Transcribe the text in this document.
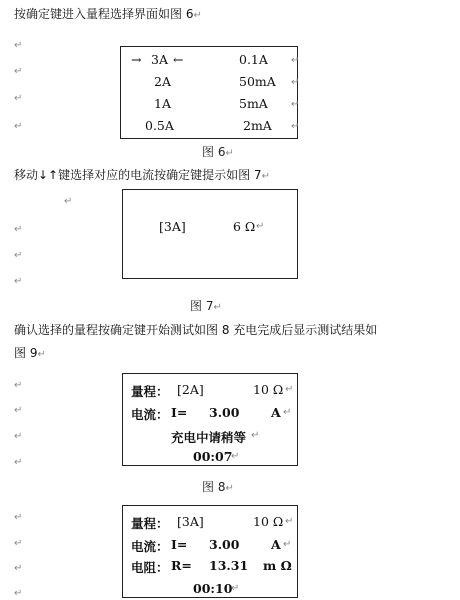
按确定键进入量程选择界面如图 6↵
↵
↵
↵
↵
→ 3A ←	0.1A
2A	50mA
1A	5mA
0.5A	2mA
↵
↵
↵
↵
图 6↵
移动↓↑键选择对应的电流按确定键提示如图 7↵
↵
↵
↵
↵
[3A]	6 Ω ↵
图 7↵
确认选择的量程按确定键开始测试如图 8 充电完成后显示测试结果如
图 9↵
↵
↵
↵
↵
量程： [2A]	10 Ω ↵
电流： I= 3.00	A ↵
充电中请稍等 ↵
00:07
↵
图 8↵
↵
↵
↵
↵
量程： [3A]	10 Ω ↵
电流： I= 3.00	A ↵
电阻： R= 13.31 m Ω
00:10
↵
